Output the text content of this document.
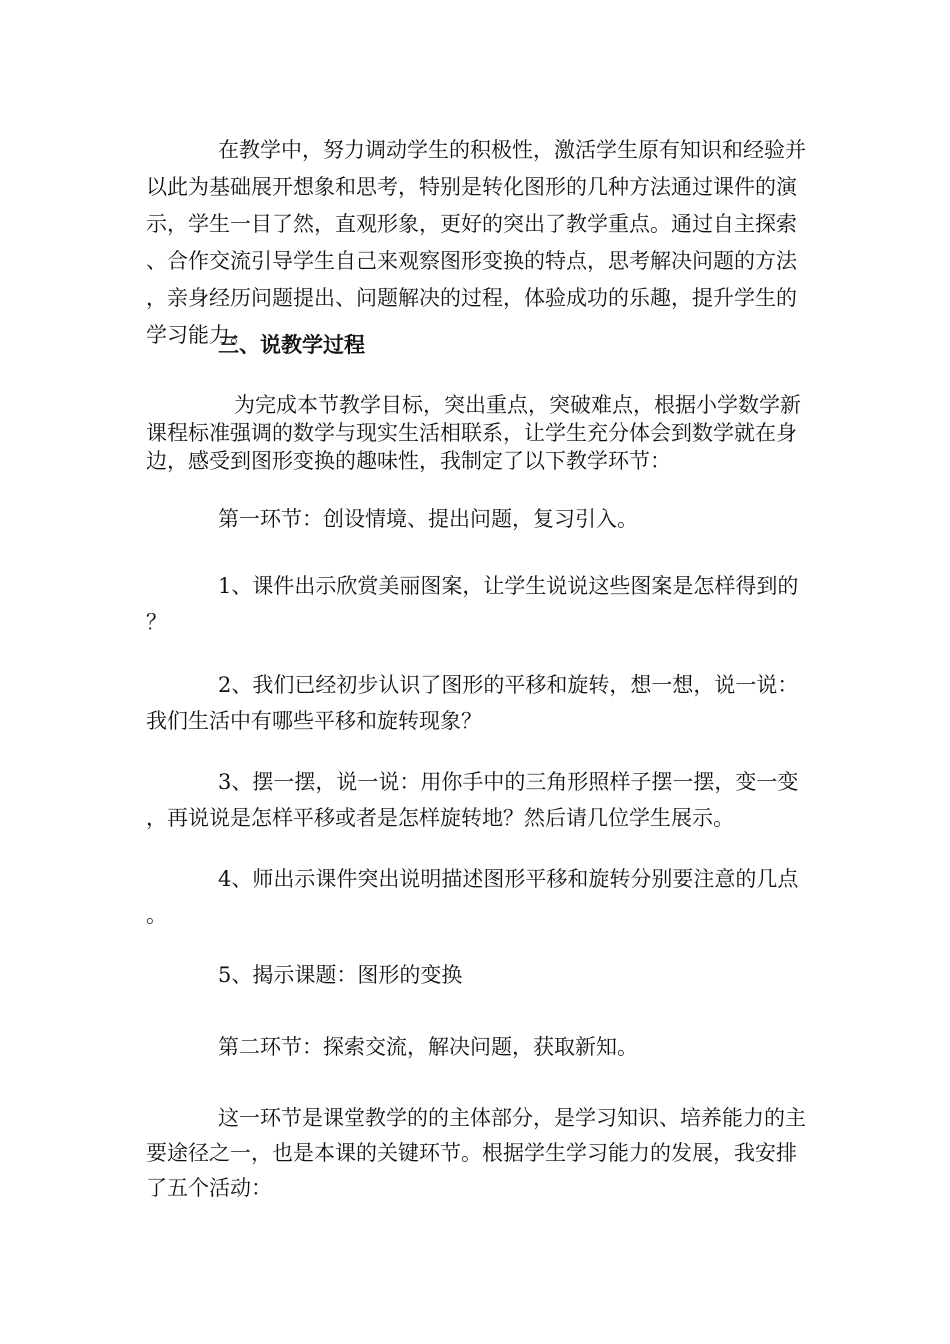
在教学中，努力调动学生的积极性，激活学生原有知识和经验并以此为基础展开想象和思考，特别是转化图形的几种方法通过课件的演示，学生一目了然，直观形象，更好的突出了教学重点。通过自主探索、合作交流引导学生自己来观察图形变换的特点，思考解决问题的方法，亲身经历问题提出、问题解决的过程，体验成功的乐趣，提升学生的学习能力。

三、说教学过程

为完成本节教学目标，突出重点，突破难点，根据小学数学新课程标准强调的数学与现实生活相联系，让学生充分体会到数学就在身边，感受到图形变换的趣味性，我制定了以下教学环节：

第一环节：创设情境、提出问题，复习引入。

1、课件出示欣赏美丽图案，让学生说说这些图案是怎样得到的？

2、我们已经初步认识了图形的平移和旋转，想一想，说一说：我们生活中有哪些平移和旋转现象？

3、摆一摆，说一说：用你手中的三角形照样子摆一摆，变一变，再说说是怎样平移或者是怎样旋转地？然后请几位学生展示。

4、师出示课件突出说明描述图形平移和旋转分别要注意的几点。

5、揭示课题：图形的变换

第二环节：探索交流，解决问题，获取新知。

这一环节是课堂教学的的主体部分，是学习知识、培养能力的主要途径之一，也是本课的关键环节。根据学生学习能力的发展，我安排了五个活动：
